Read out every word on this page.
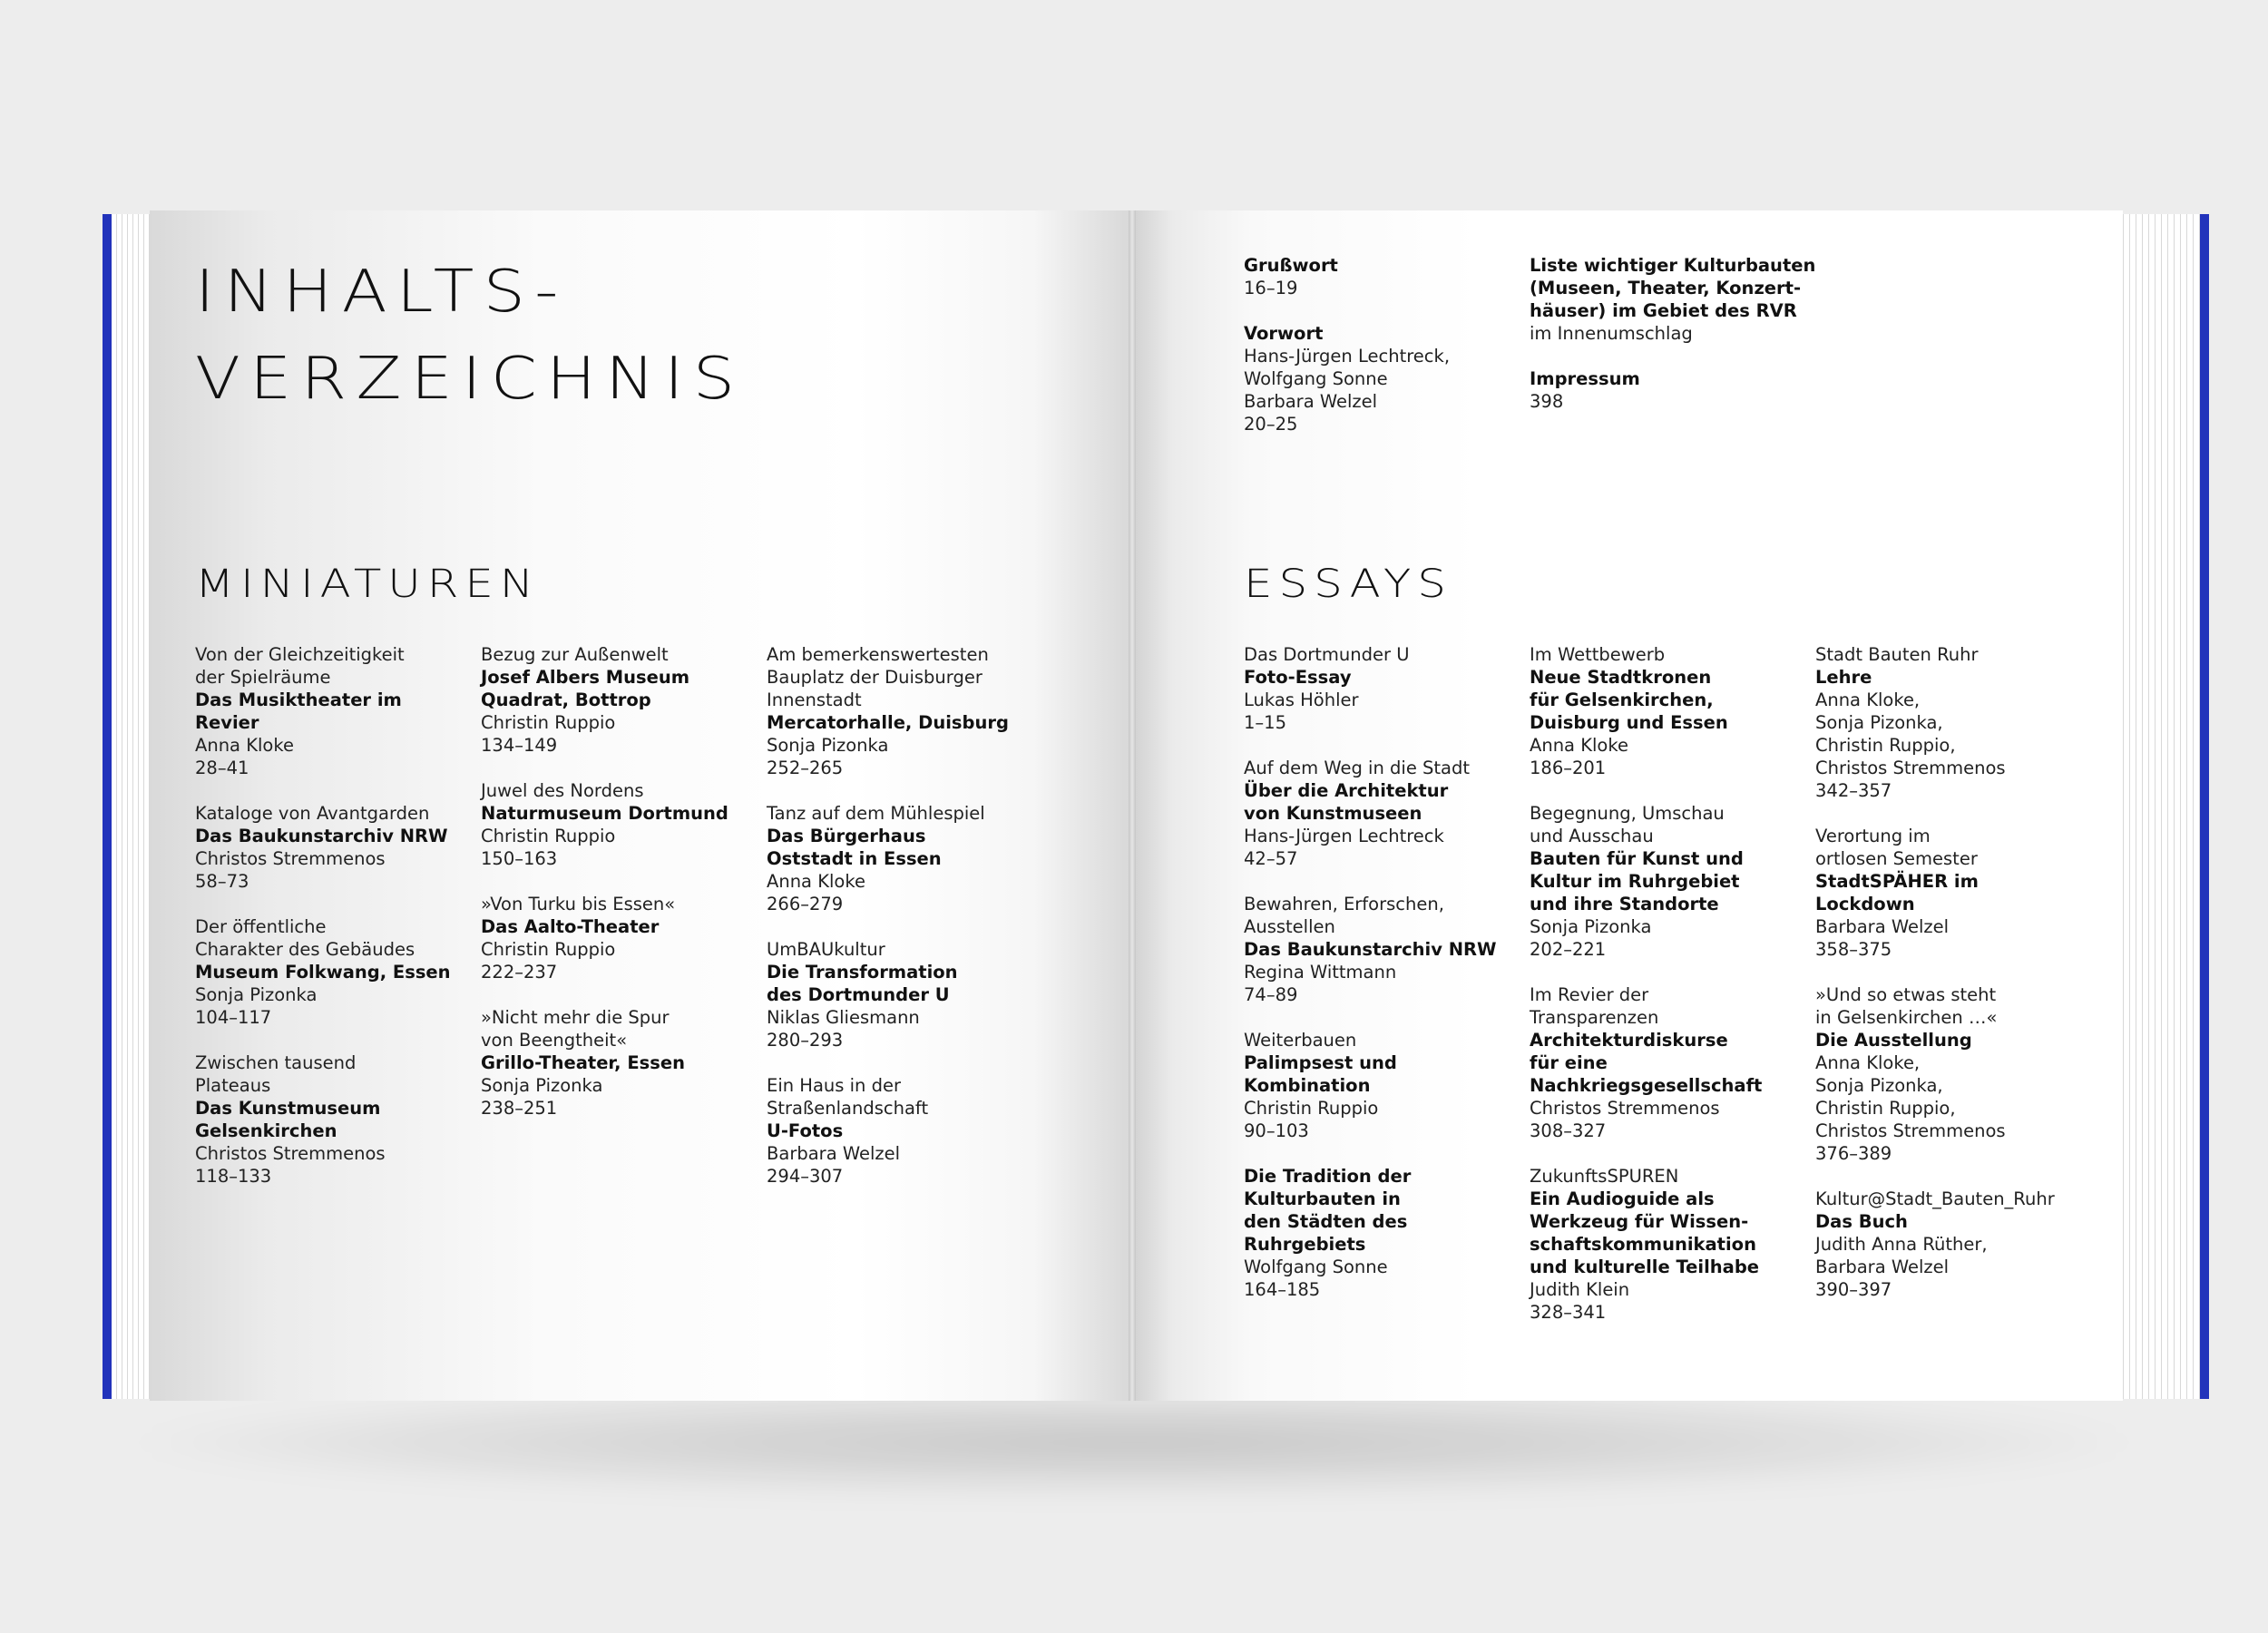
INHALTS-
VERZEICHNIS
MINIATUREN
Von der Gleichzeitigkeit
der Spielräume
Das Musiktheater im
Revier
Anna Kloke
28–41
Kataloge von Avantgarden
Das Baukunstarchiv NRW
Christos Stremmenos
58–73
Der öffentliche
Charakter des Gebäudes
Museum Folkwang, Essen
Sonja Pizonka
104–117
Zwischen tausend
Plateaus
Das Kunstmuseum
Gelsenkirchen
Christos Stremmenos
118–133
Bezug zur Außenwelt
Josef Albers Museum
Quadrat, Bottrop
Christin Ruppio
134–149
Juwel des Nordens
Naturmuseum Dortmund
Christin Ruppio
150–163
»Von Turku bis Essen«
Das Aalto-Theater
Christin Ruppio
222–237
»Nicht mehr die Spur
von Beengtheit«
Grillo-Theater, Essen
Sonja Pizonka
238–251
Am bemerkenswertesten
Bauplatz der Duisburger
Innenstadt
Mercatorhalle, Duisburg
Sonja Pizonka
252–265
Tanz auf dem Mühlespiel
Das Bürgerhaus
Oststadt in Essen
Anna Kloke
266–279
UmBAUkultur
Die Transformation
des Dortmunder U
Niklas Gliesmann
280–293
Ein Haus in der
Straßenlandschaft
U-Fotos
Barbara Welzel
294–307
Grußwort
16–19
Vorwort
Hans-Jürgen Lechtreck,
Wolfgang Sonne
Barbara Welzel
20–25
Liste wichtiger Kulturbauten
(Museen, Theater, Konzert-
häuser) im Gebiet des RVR
im Innenumschlag
Impressum
398
ESSAYS
Das Dortmunder U
Foto-Essay
Lukas Höhler
1–15
Auf dem Weg in die Stadt
Über die Architektur
von Kunstmuseen
Hans-Jürgen Lechtreck
42–57
Bewahren, Erforschen,
Ausstellen
Das Baukunstarchiv NRW
Regina Wittmann
74–89
Weiterbauen
Palimpsest und
Kombination
Christin Ruppio
90–103
Die Tradition der
Kulturbauten in
den Städten des
Ruhrgebiets
Wolfgang Sonne
164–185
Im Wettbewerb
Neue Stadtkronen
für Gelsenkirchen,
Duisburg und Essen
Anna Kloke
186–201
Begegnung, Umschau
und Ausschau
Bauten für Kunst und
Kultur im Ruhrgebiet
und ihre Standorte
Sonja Pizonka
202–221
Im Revier der
Transparenzen
Architekturdiskurse
für eine
Nachkriegsgesellschaft
Christos Stremmenos
308–327
ZukunftsSPUREN
Ein Audioguide als
Werkzeug für Wissen-
schaftskommunikation
und kulturelle Teilhabe
Judith Klein
328–341
Stadt Bauten Ruhr
Lehre
Anna Kloke,
Sonja Pizonka,
Christin Ruppio,
Christos Stremmenos
342–357
Verortung im
ortlosen Semester
StadtSPÄHER im
Lockdown
Barbara Welzel
358–375
»Und so etwas steht
in Gelsenkirchen …«
Die Ausstellung
Anna Kloke,
Sonja Pizonka,
Christin Ruppio,
Christos Stremmenos
376–389
Kultur@Stadt_Bauten_Ruhr
Das Buch
Judith Anna Rüther,
Barbara Welzel
390–397
